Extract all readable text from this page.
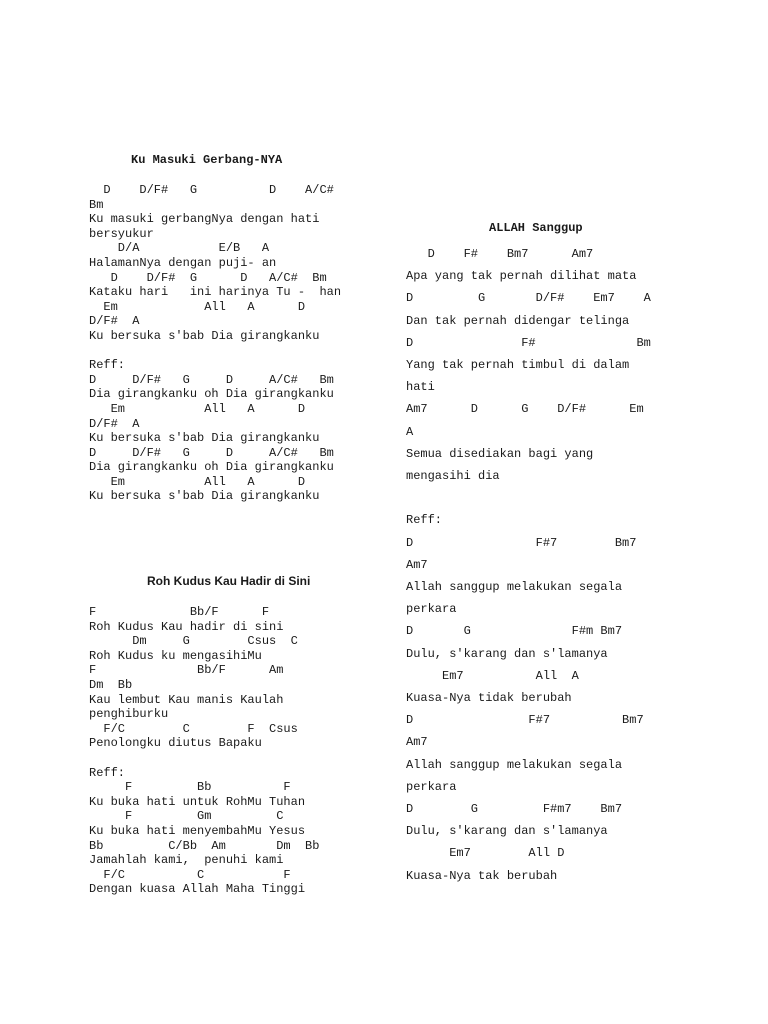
Ku Masuki Gerbang-NYA
D    D/F#   G          D    A/C#
Bm
Ku masuki gerbangNya dengan hati
bersyukur
D/A           E/B   A
HalamanNya dengan puji- an
D    D/F#  G      D   A/C#  Bm
Kataku hari   ini harinya Tu -  han
Em            All   A      D
D/F#  A
Ku bersuka s'bab Dia girangkanku

Reff:
D     D/F#   G     D     A/C#   Bm
Dia girangkanku oh Dia girangkanku
Em           All   A      D
D/F#  A
Ku bersuka s'bab Dia girangkanku
D     D/F#   G     D     A/C#   Bm
Dia girangkanku oh Dia girangkanku
Em           All   A      D
Ku bersuka s'bab Dia girangkanku
Roh Kudus Kau Hadir di Sini
F             Bb/F      F
Roh Kudus Kau hadir di sini
Dm     G        Csus  C
Roh Kudus ku mengasihiMu
F              Bb/F      Am
Dm  Bb
Kau lembut Kau manis Kaulah
penghiburku
F/C        C        F  Csus
Penolongku diutus Bapaku

Reff:
F         Bb          F
Ku buka hati untuk RohMu Tuhan
F         Gm         C
Ku buka hati menyembahMu Yesus
Bb         C/Bb  Am       Dm  Bb
Jamahlah kami,  penuhi kami
F/C          C           F
Dengan kuasa Allah Maha Tinggi
ALLAH Sanggup
D    F#    Bm7      Am7
Apa yang tak pernah dilihat mata
D         G       D/F#    Em7    A
Dan tak pernah didengar telinga
D               F#              Bm
Yang tak pernah timbul di dalam
hati
Am7      D      G    D/F#      Em
A
Semua disediakan bagi yang
mengasihi dia

Reff:
D                 F#7        Bm7
Am7
Allah sanggup melakukan segala
perkara
D       G              F#m Bm7
Dulu, s'karang dan s'lamanya
Em7          All  A
Kuasa-Nya tidak berubah
D                F#7          Bm7
Am7
Allah sanggup melakukan segala
perkara
D        G         F#m7    Bm7
Dulu, s'karang dan s'lamanya
Em7        All D
Kuasa-Nya tak berubah
